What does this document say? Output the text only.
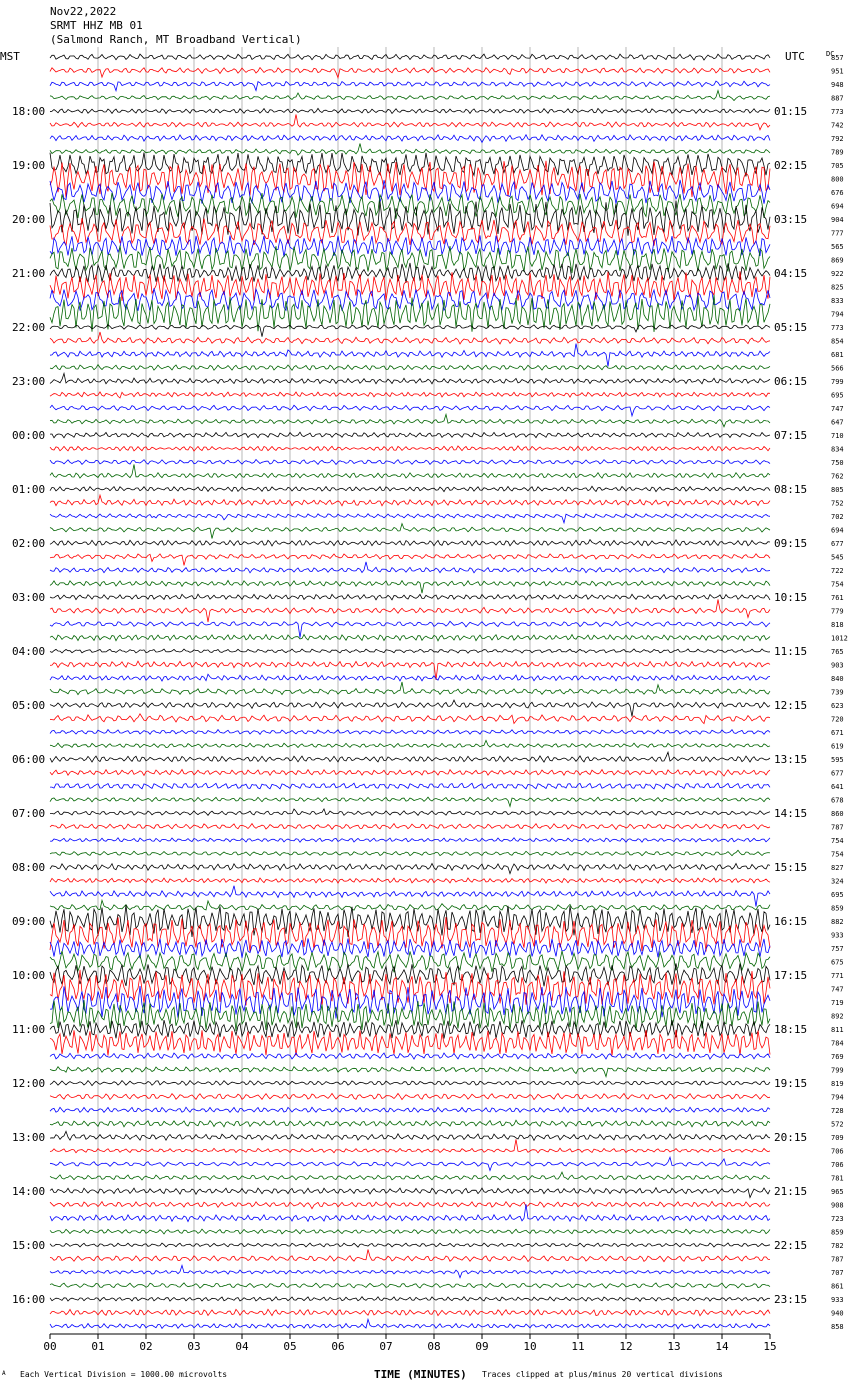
Nov22,2022
SRMT HHZ MB 01
(Salmond Ranch, MT Broadband Vertical)
MST	UTC	DC
857
951
948
887
773
742
792
789
705
800
676
694
904
777
565
869
922
825
833
794
773
854
681
566
799
695
747
647
710
834
750
762
805
752
702
694
677
545
722
754
761
779
818
1012
765
903
840
739
623
720
671
619
595
677
641
678
860
787
754
754
827
324
695
859
882
933
757
675
771
747
719
892
811
784
769
799
819
794
728
572
709
706
706
781
965
908
723
859
782
787
707
861
933
940
858
18:00	01:15
19:00	02:15
20:00	03:15
21:00	04:15
22:00	05:15
23:00	06:15
00:00	07:15
01:00	08:15
02:00	09:15
03:00	10:15
04:00	11:15
05:00	12:15
06:00	13:15
07:00	14:15
08:00	15:15
09:00	16:15
10:00	17:15
11:00	18:15
12:00	19:15
13:00	20:15
14:00	21:15
15:00	22:15
16:00	23:15
00	01	02	03	04	05	06	07	08	09	10	11	12	13	14	15
TIME (MINUTES)
A Each Vertical Division = 1000.00 microvolts	Traces clipped at plus/minus 20 vertical divisions
